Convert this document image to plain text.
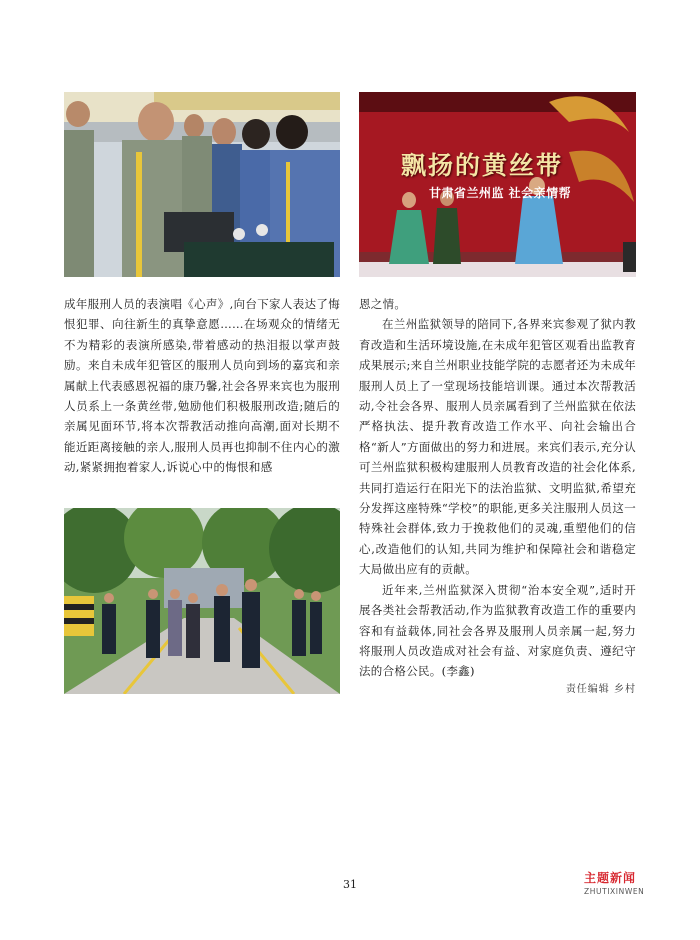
飘扬的黄丝带
甘肃省兰州监 社会亲情帮

成年服刑人员的表演唱《心声》,向台下家人表达了悔恨犯罪、向往新生的真挚意愿……在场观众的情绪无不为精彩的表演所感染,带着感动的热泪报以掌声鼓励。来自未成年犯管区的服刑人员向到场的嘉宾和亲属献上代表感恩祝福的康乃馨,社会各界来宾也为服刑人员系上一条黄丝带,勉励他们积极服刑改造;随后的亲属见面环节,将本次帮教活动推向高潮,面对长期不能近距离接触的亲人,服刑人员再也抑制不住内心的激动,紧紧拥抱着家人,诉说心中的悔恨和感

恩之情。

在兰州监狱领导的陪同下,各界来宾参观了狱内教育改造和生活环境设施,在未成年犯管区观看出监教育成果展示;来自兰州职业技能学院的志愿者还为未成年服刑人员上了一堂现场技能培训课。通过本次帮教活动,令社会各界、服刑人员亲属看到了兰州监狱在依法严格执法、提升教育改造工作水平、向社会输出合格“新人”方面做出的努力和进展。来宾们表示,充分认可兰州监狱积极构建服刑人员教育改造的社会化体系,共同打造运行在阳光下的法治监狱、文明监狱,希望充分发挥这座特殊“学校”的职能,更多关注服刑人员这一特殊社会群体,致力于挽救他们的灵魂,重塑他们的信心,改造他们的认知,共同为维护和保障社会和谐稳定大局做出应有的贡献。

近年来,兰州监狱深入贯彻“治本安全观”,适时开展各类社会帮教活动,作为监狱教育改造工作的重要内容和有益载体,同社会各界及服刑人员亲属一起,努力将服刑人员改造成对社会有益、对家庭负责、遵纪守法的合格公民。(李鑫)

责任编辑 乡村
31	主题新闻
ZHUTIXINWEN
